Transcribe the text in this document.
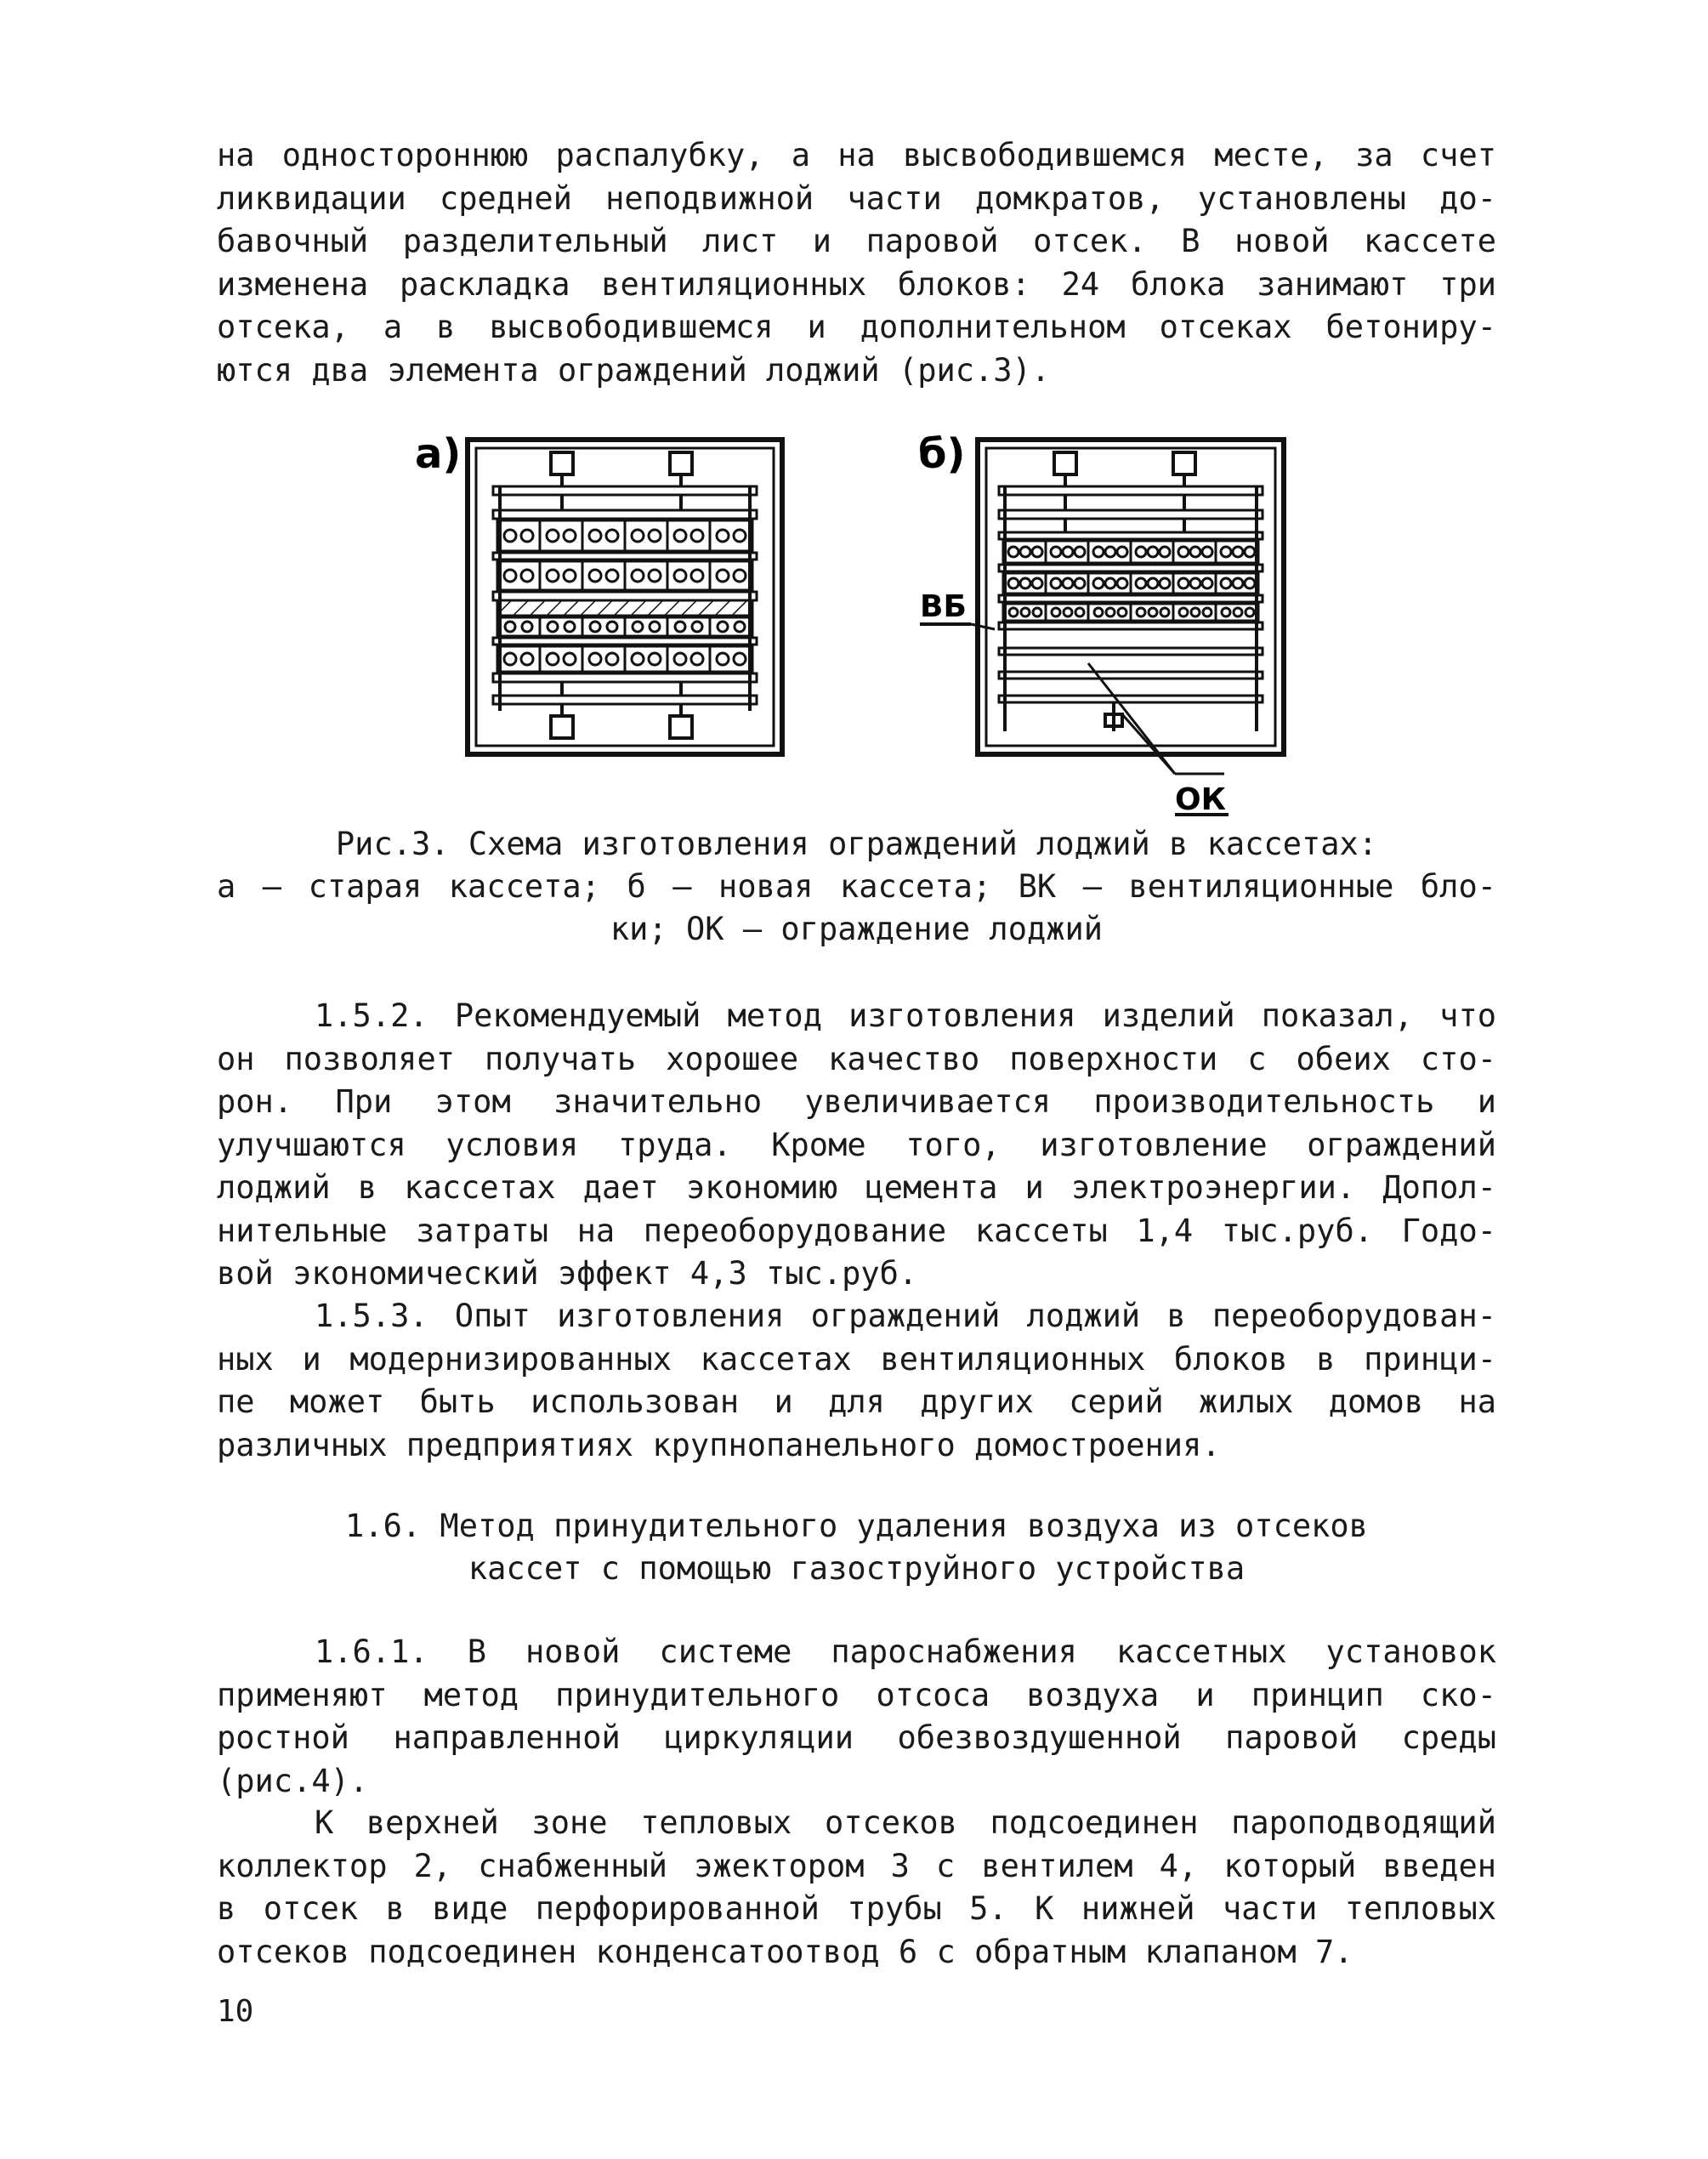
на одностороннюю распалубку, а на высвободившемся месте, за счет
ликвидации средней неподвижной части домкратов, установлены до-
бавочный разделительный лист и паровой отсек. В новой кассете
изменена раскладка вентиляционных блоков: 24 блока занимают три
отсека, а в высвободившемся и дополнительном отсеках бетониру-
ются два элемента ограждений лоджий (рис.3).
а)	б)
ВБ
ОК
Рис.3. Схема изготовления ограждений лоджий в кассетах:
а – старая кассета; б – новая кассета; ВК – вентиляционные бло-
ки; ОК – ограждение лоджий
1.5.2. Рекомендуемый метод изготовления изделий показал, что
он позволяет получать хорошее качество поверхности с обеих сто-
рон. При этом значительно увеличивается производительность и
улучшаются условия труда. Кроме того, изготовление ограждений
лоджий в кассетах дает экономию цемента и электроэнергии. Допол-
нительные затраты на переоборудование кассеты 1,4 тыс.руб. Годо-
вой экономический эффект 4,3 тыс.руб.
1.5.3. Опыт изготовления ограждений лоджий в переоборудован-
ных и модернизированных кассетах вентиляционных блоков в принци-
пе может быть использован и для других серий жилых домов на
различных предприятиях крупнопанельного домостроения.
1.6. Метод принудительного удаления воздуха из отсеков
кассет с помощью газоструйного устройства
1.6.1. В новой системе пароснабжения кассетных установок
применяют метод принудительного отсоса воздуха и принцип ско-
ростной направленной циркуляции обезвоздушенной паровой среды
(рис.4).
К верхней зоне тепловых отсеков подсоединен пароподводящий
коллектор 2, снабженный эжектором 3 с вентилем 4, который введен
в отсек в виде перфорированной трубы 5. К нижней части тепловых
отсеков подсоединен конденсатоотвод 6 с обратным клапаном 7.
10
